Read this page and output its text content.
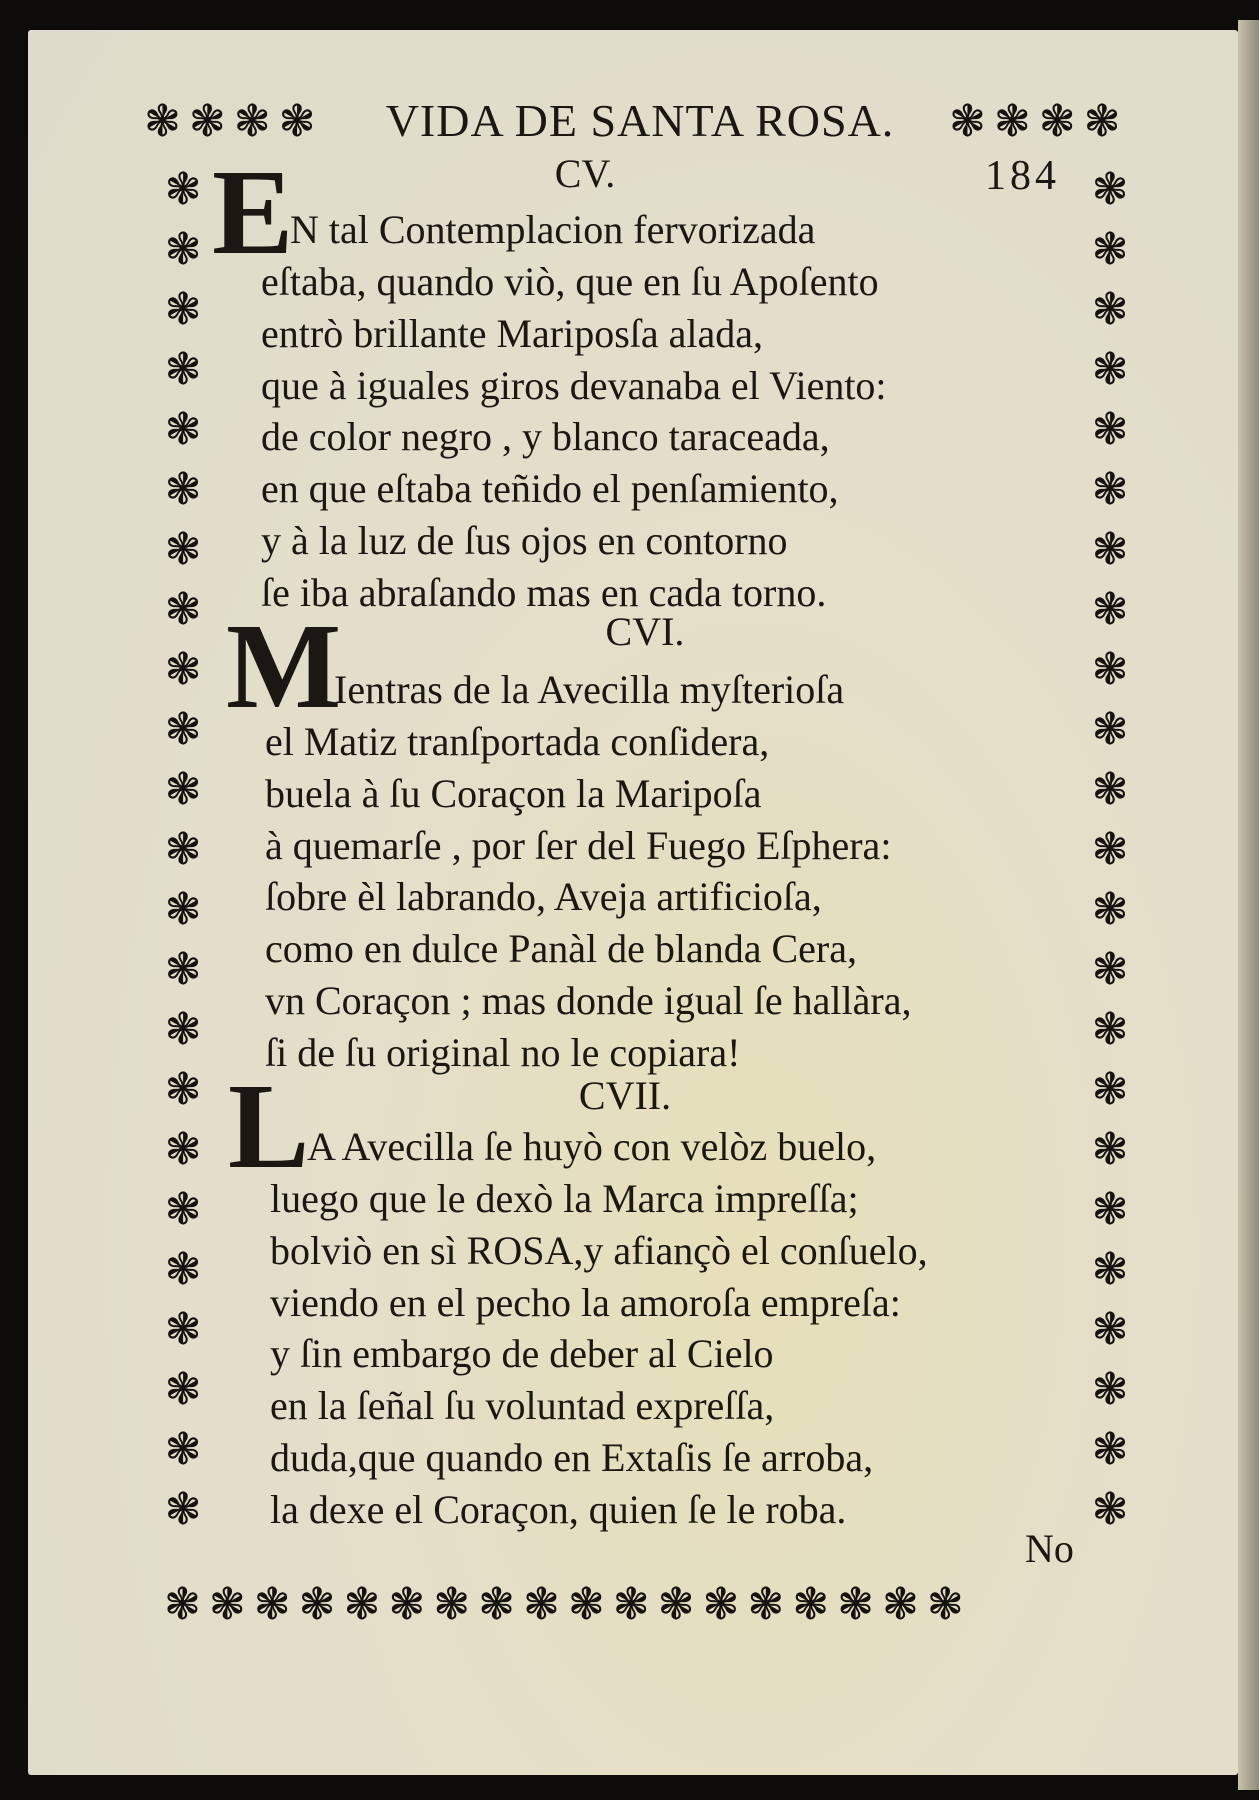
❃ ❃ ❃ ❃	❃ ❃ ❃ ❃
❃
❃
❃
❃
❃
❃
❃
❃
❃
❃
❃
❃
❃
❃
❃
❃
❃
❃
❃
❃
❃
❃
❃
❃
❃
❃
❃
❃
❃
❃
❃
❃
❃
❃
❃
❃
❃
❃
❃
❃
❃
❃
❃
❃
❃
❃
❃ ❃ ❃ ❃ ❃ ❃ ❃ ❃ ❃ ❃ ❃ ❃ ❃ ❃ ❃ ❃ ❃ ❃
VIDA DE SANTA ROSA.
184
CV.
E
N tal Contemplacion fervorizada
eſtaba, quando viò, que en ſu Apoſento
entrò brillante Mariposſa alada,
que à iguales giros devanaba el Viento:
de color negro , y blanco taraceada,
en que eſtaba teñido el penſamiento,
y à la luz de ſus ojos en contorno
ſe iba abraſando mas en cada torno.
CVI.
M
Ientras de la Avecilla myſterioſa
el Matiz tranſportada conſidera,
buela à ſu Coraçon la Maripoſa
à quemarſe , por ſer del Fuego Eſphera:
ſobre èl labrando, Aveja artificioſa,
como en dulce Panàl de blanda Cera,
vn Coraçon ; mas donde igual ſe hallàra,
ſi de ſu original no le copiara!
CVII.
L
A Avecilla ſe huyò con velòz buelo,
luego que le dexò la Marca impreſſa;
bolviò en sì ROSA,y afiançò el conſuelo,
viendo en el pecho la amoroſa empreſa:
y ſin embargo de deber al Cielo
en la ſeñal ſu voluntad expreſſa,
duda,que quando en Extaſis ſe arroba,
la dexe el Coraçon, quien ſe le roba.
No
